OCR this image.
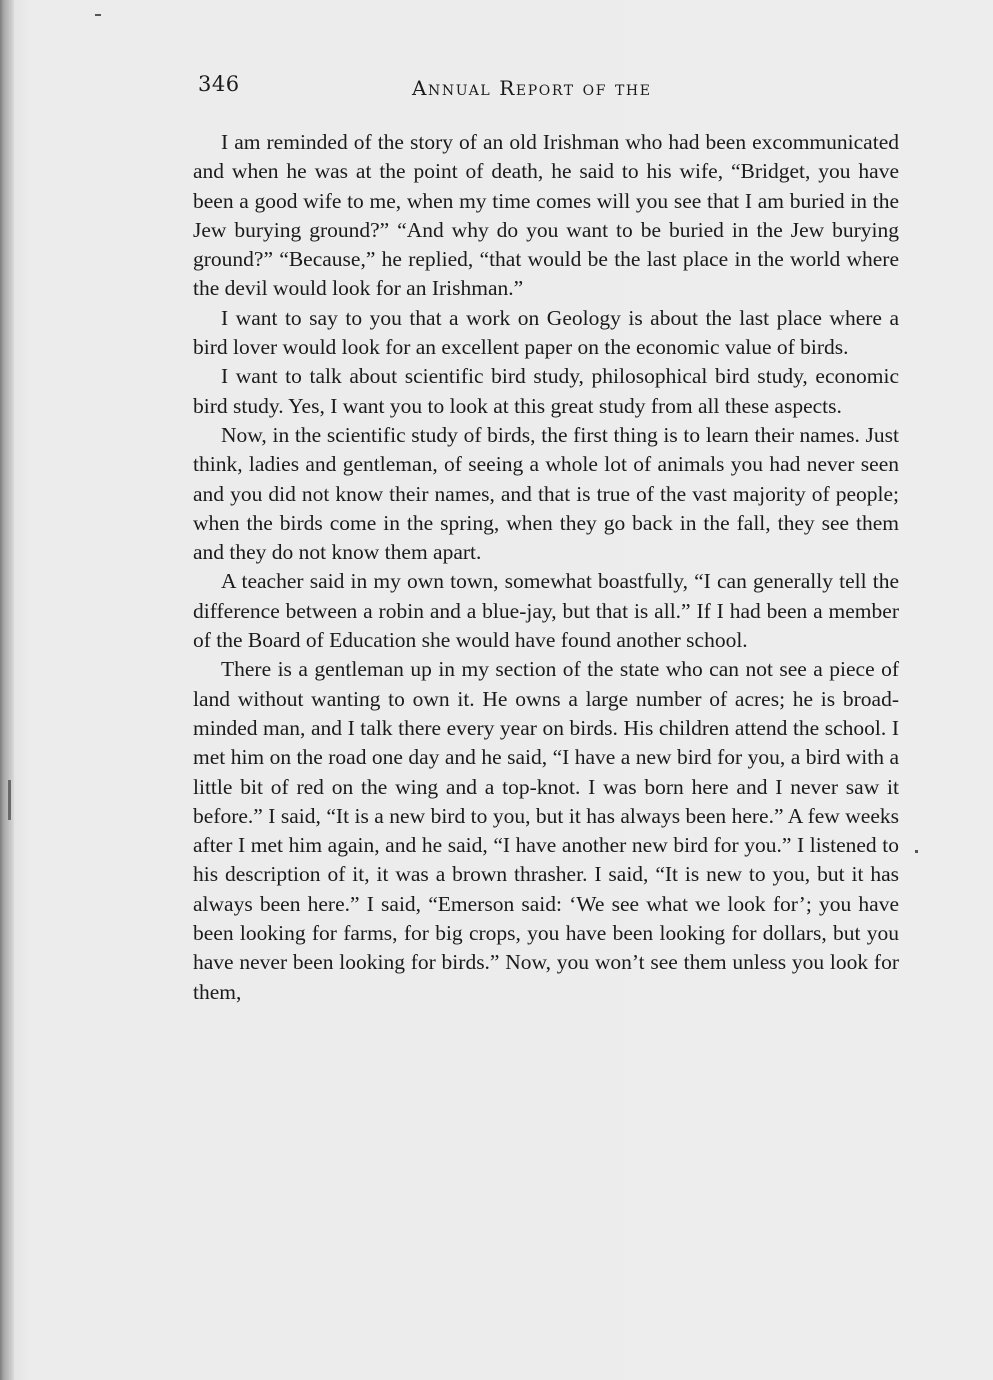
346	Annual Report of the

I am reminded of the story of an old Irishman who had been excommunicated and when he was at the point of death, he said to his wife, “Bridget, you have been a good wife to me, when my time comes will you see that I am buried in the Jew burying ground?” “And why do you want to be buried in the Jew burying ground?” “Because,” he replied, “that would be the last place in the world where the devil would look for an Irishman.”

I want to say to you that a work on Geology is about the last place where a bird lover would look for an excellent paper on the economic value of birds.

I want to talk about scientific bird study, philosophical bird study, economic bird study. Yes, I want you to look at this great study from all these aspects.

Now, in the scientific study of birds, the first thing is to learn their names. Just think, ladies and gentleman, of seeing a whole lot of animals you had never seen and you did not know their names, and that is true of the vast majority of people; when the birds come in the spring, when they go back in the fall, they see them and they do not know them apart.

A teacher said in my own town, somewhat boastfully, “I can generally tell the difference between a robin and a blue-jay, but that is all.” If I had been a member of the Board of Education she would have found another school.

There is a gentleman up in my section of the state who can not see a piece of land without wanting to own it. He owns a large number of acres; he is broad-minded man, and I talk there every year on birds. His children attend the school. I met him on the road one day and he said, “I have a new bird for you, a bird with a little bit of red on the wing and a top-knot. I was born here and I never saw it before.” I said, “It is a new bird to you, but it has always been here.” A few weeks after I met him again, and he said, “I have another new bird for you.” I listened to his description of it, it was a brown thrasher. I said, “It is new to you, but it has always been here.” I said, “Emerson said: ‘We see what we look for’; you have been looking for farms, for big crops, you have been looking for dollars, but you have never been looking for birds.” Now, you won’t see them unless you look for them,
